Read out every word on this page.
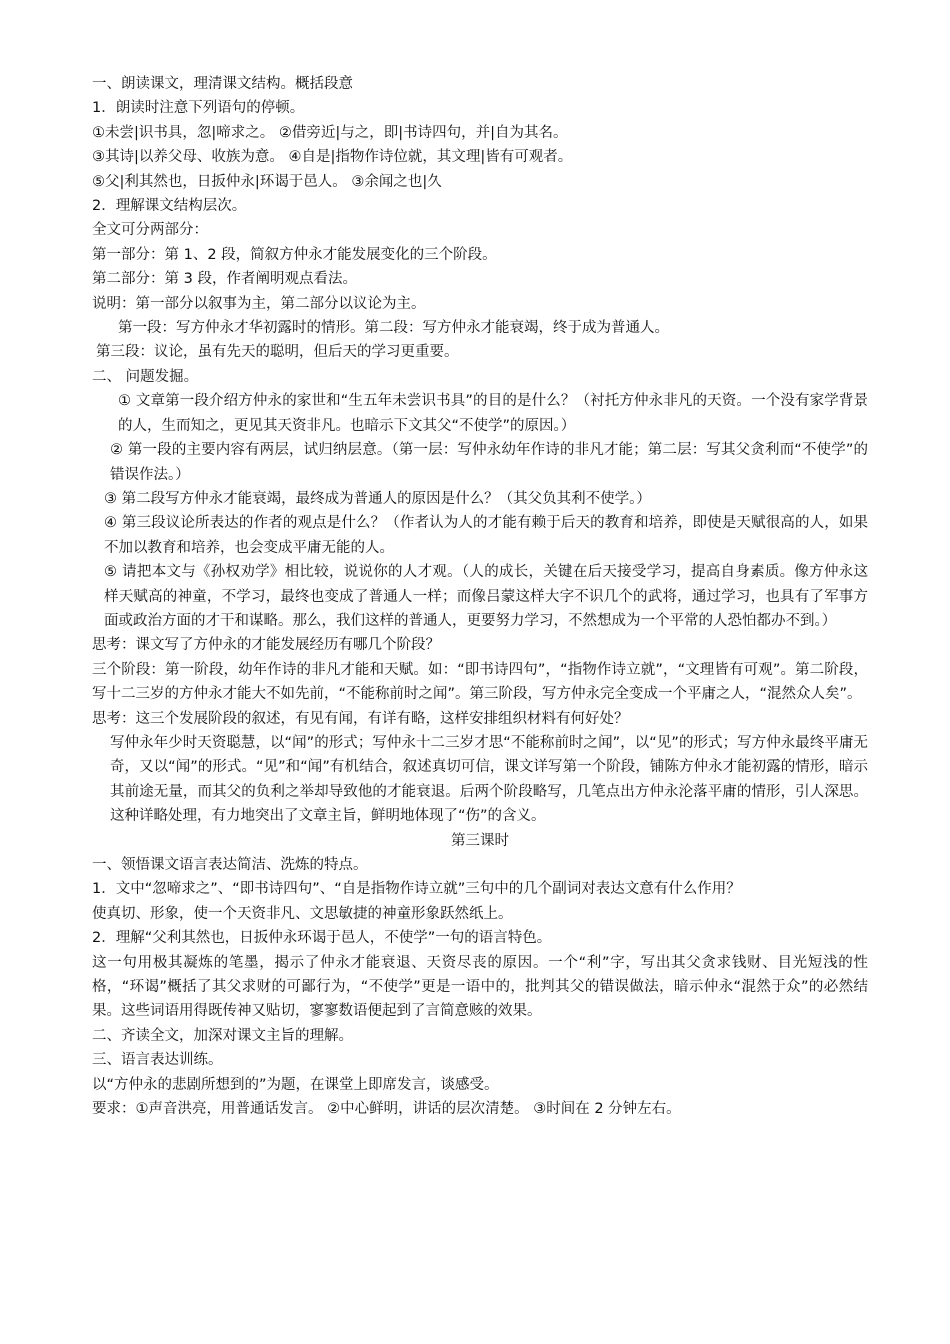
一、朗读课文，理清课文结构。概括段意

1．朗读时注意下列语句的停顿。

①未尝|识书具，忽|啼求之。 ②借旁近|与之，即|书诗四句，并|自为其名。

③其诗|以养父母、收族为意。 ④自是|指物作诗位就，其文理|皆有可观者。

⑤父|利其然也，日扳仲永|环谒于邑人。 ③余闻之也|久

2．理解课文结构层次。

全文可分两部分：

第一部分：第 1、2 段，简叙方仲永才能发展变化的三个阶段。

第二部分：第 3 段，作者阐明观点看法。

说明：第一部分以叙事为主，第二部分以议论为主。

第一段：写方仲永才华初露时的情形。第二段：写方仲永才能衰竭，终于成为普通人。

第三段：议论，虽有先天的聪明，但后天的学习更重要。

二、 问题发掘。

① 文章第一段介绍方仲永的家世和“生五年未尝识书具”的目的是什么？（衬托方仲永非凡的天资。一个没有家学背景的人，生而知之，更见其天资非凡。也暗示下文其父“不使学”的原因。）

② 第一段的主要内容有两层，试归纳层意。（第一层：写仲永幼年作诗的非凡才能；第二层：写其父贪利而“不使学”的错误作法。）

③ 第二段写方仲永才能衰竭，最终成为普通人的原因是什么？（其父负其利不使学。）

④ 第三段议论所表达的作者的观点是什么？（作者认为人的才能有赖于后天的教育和培养，即使是天赋很高的人，如果不加以教育和培养，也会变成平庸无能的人。

⑤ 请把本文与《孙权劝学》相比较，说说你的人才观。（人的成长，关键在后天接受学习，提高自身素质。像方仲永这样天赋高的神童，不学习，最终也变成了普通人一样；而像吕蒙这样大字不识几个的武将，通过学习，也具有了军事方面或政治方面的才干和谋略。那么，我们这样的普通人，更要努力学习，不然想成为一个平常的人恐怕都办不到。）

思考：课文写了方仲永的才能发展经历有哪几个阶段？

三个阶段：第一阶段，幼年作诗的非凡才能和天赋。如：“即书诗四句”，“指物作诗立就”，“文理皆有可观”。第二阶段，写十二三岁的方仲永才能大不如先前，“不能称前时之闻”。第三阶段，写方仲永完全变成一个平庸之人，“混然众人矣”。

思考：这三个发展阶段的叙述，有见有闻，有详有略，这样安排组织材料有何好处？

写仲永年少时天资聪慧，以“闻”的形式；写仲永十二三岁才思“不能称前时之闻”，以“见”的形式；写方仲永最终平庸无奇，又以“闻”的形式。“见”和“闻”有机结合，叙述真切可信，课文详写第一个阶段，铺陈方仲永才能初露的情形，暗示其前途无量，而其父的负利之举却导致他的才能衰退。后两个阶段略写，几笔点出方仲永沦落平庸的情形，引人深思。这种详略处理，有力地突出了文章主旨，鲜明地体现了“伤”的含义。

第三课时

一、领悟课文语言表达简洁、洗炼的特点。

1．文中“忽啼求之”、“即书诗四句”、“自是指物作诗立就”三句中的几个副词对表达文意有什么作用？

使真切、形象，使一个天资非凡、文思敏捷的神童形象跃然纸上。

2．理解“父利其然也，日扳仲永环谒于邑人，不使学”一句的语言特色。

这一句用极其凝炼的笔墨，揭示了仲永才能衰退、天资尽丧的原因。一个“利”字，写出其父贪求钱财、目光短浅的性格，“环谒”概括了其父求财的可鄙行为，“不使学”更是一语中的，批判其父的错误做法，暗示仲永“混然于众”的必然结果。这些词语用得既传神又贴切，寥寥数语便起到了言简意赅的效果。

二、齐读全文，加深对课文主旨的理解。

三、语言表达训练。

以“方仲永的悲剧所想到的”为题，在课堂上即席发言，谈感受。

要求：①声音洪亮，用普通话发言。 ②中心鲜明，讲话的层次清楚。 ③时间在 2 分钟左右。
